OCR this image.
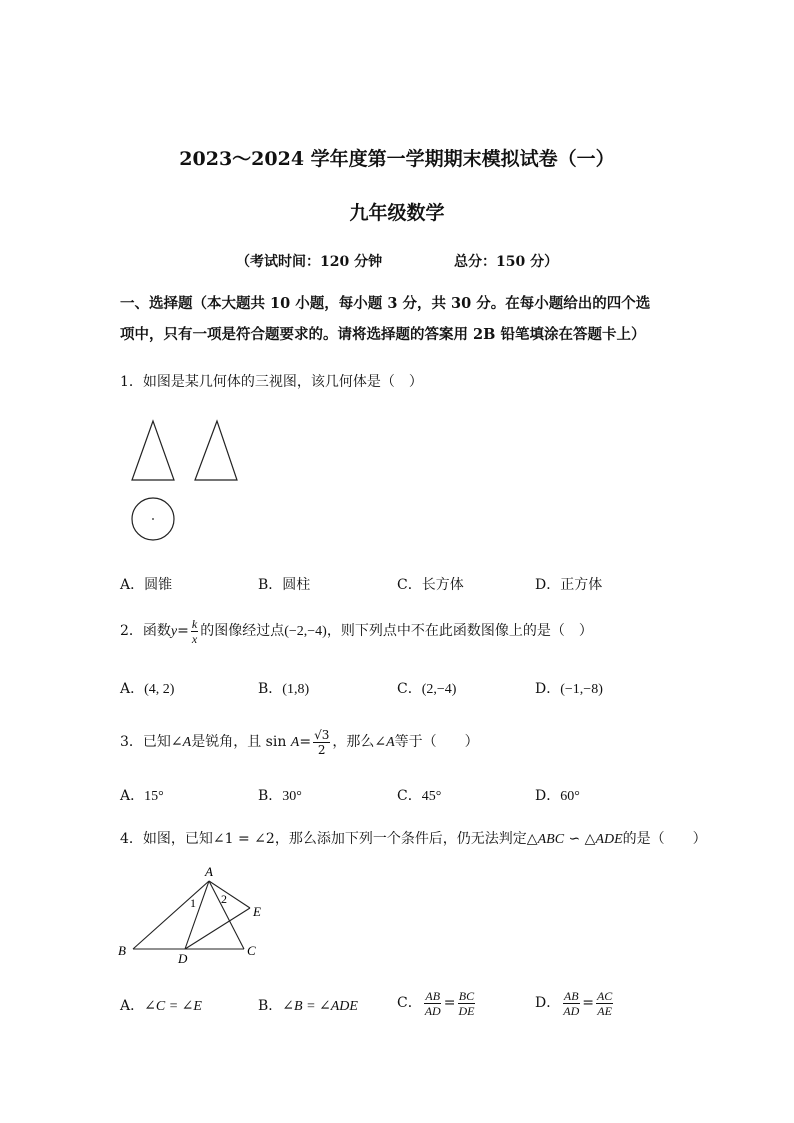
2023～2024 学年度第一学期期末模拟试卷（一）
九年级数学
（考试时间：120 分钟	总分：150 分）
一、选择题（本大题共 10 小题，每小题 3 分，共 30 分。在每小题给出的四个选
项中，只有一项是符合题要求的。请将选择题的答案用 2B 铅笔填涂在答题卡上）
1．如图是某几何体的三视图，该几何体是（　）
A．圆锥	B．圆柱	C．长方体	D．正方体
2．函数$y= \frac{k}{x}$ 的图像经过点(−2,−4)，则下列点中不在此函数图像上的是（　）
A．(4, 2)	B．(1,8)	C．(2,−4)	D．(−1,−8)
3．已知∠A是锐角，且 $\sin A= \frac{√3}{2}$ ，那么∠A等于（　　）
A．15°	B．30°	C．45°	D．60°
4．如图，已知∠1 = ∠2，那么添加下列一个条件后，仍无法判定△ABC ∽ △ADE的是（　　）
A
B	C
D
E
1 2
A．∠C = ∠E	B．∠B = ∠ADE	C． $\frac{AB}{AD} = \frac{BC}{DE}$	D． $\frac{AB}{AD} = \frac{AC}{AE}$
